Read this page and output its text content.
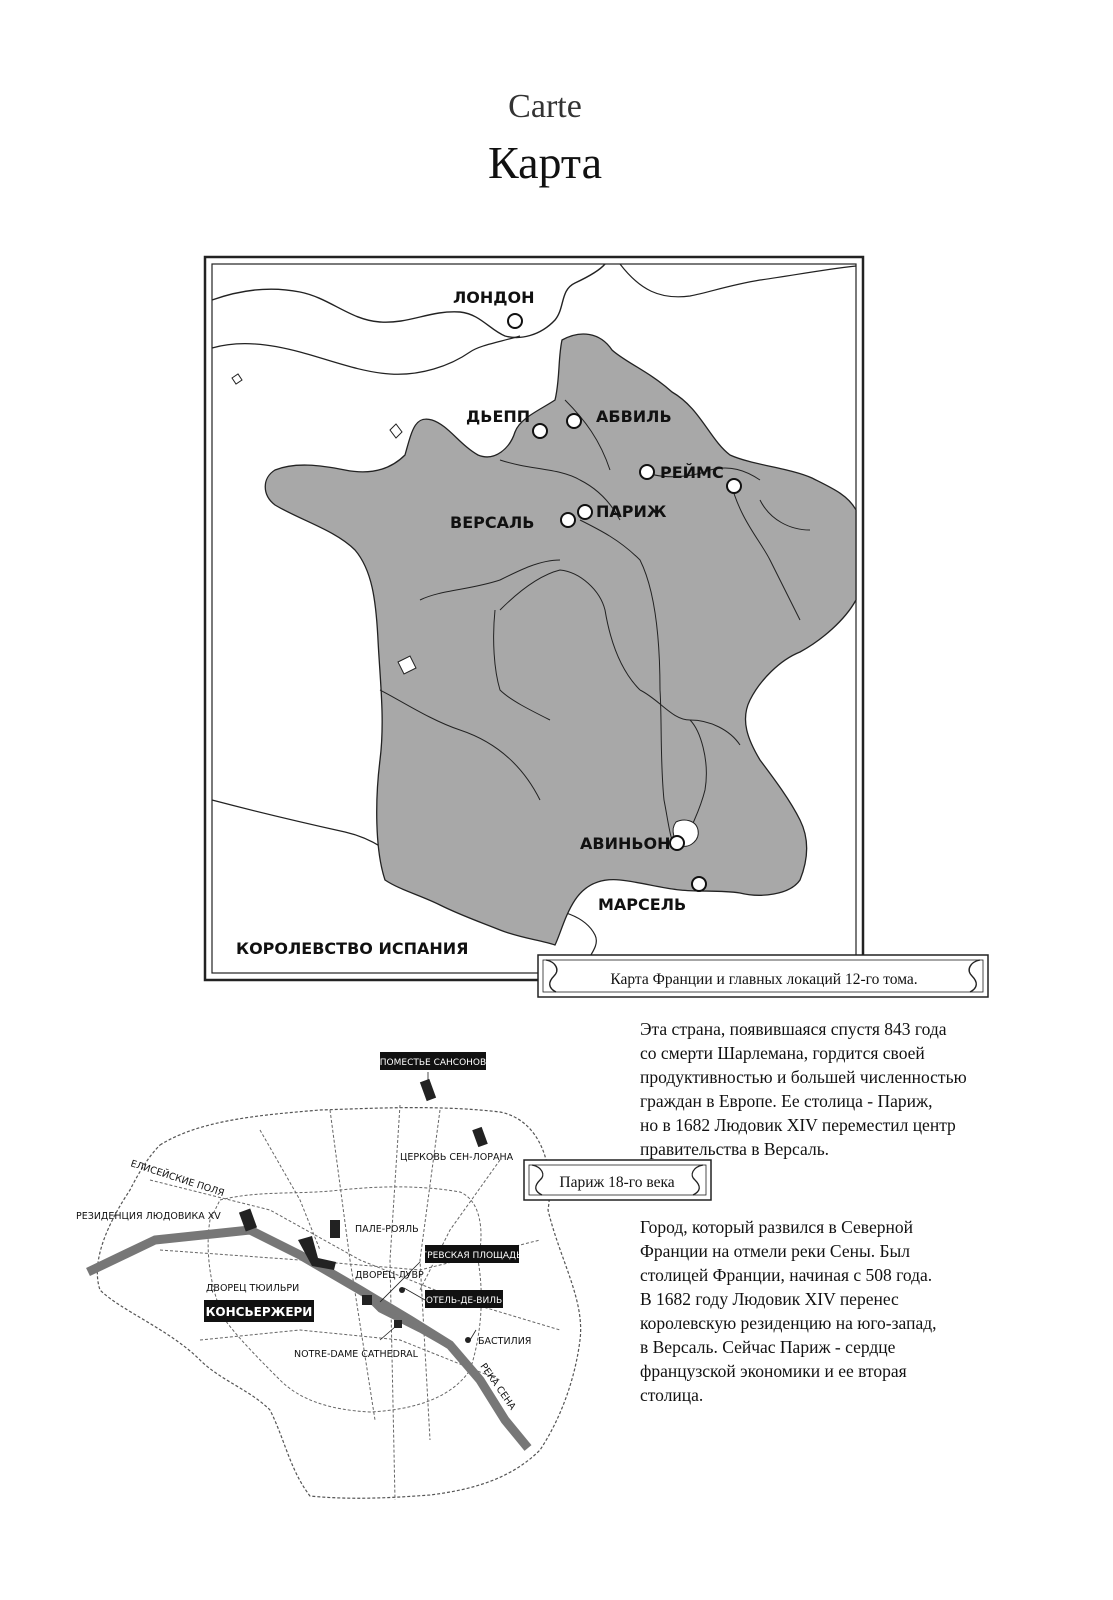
Carte
Карта
ЛОНДОН
ДЬЕПП	АБВИЛЬ
РЕЙМС
ПАРИЖ
ВЕРСАЛЬ
АВИНЬОН
МАРСЕЛЬ
КОРОЛЕВСТВО ИСПАНИЯ
Карта Франции и главных локаций 12-го тома.
ПОМЕСТЬЕ САНСОНОВ
ЦЕРКОВЬ СЕН-ЛОРАНА
ЕЛИСЕЙСКИЕ ПОЛЯ
РЕЗИДЕНЦИЯ ЛЮДОВИКА XV
ПАЛЕ-РОЯЛЬ
ГРЕВСКАЯ ПЛОЩАДЬ
ДВОРЕЦ ТЮИЛЬРИ
ДВОРЕЦ ЛУВР
ОТЕЛЬ-ДЕ-ВИЛЬ
КОНСЬЕРЖЕРИ
NOTRE-DAME CATHEDRAL
БАСТИЛИЯ
РЕКА СЕНА
Париж 18-го века

Эта страна, появившаяся спустя 843 года

со смерти Шарлемана, гордится своей

продуктивностью и большей численностью

граждан в Европе. Ее столица - Париж,

но в 1682 Людовик XIV переместил центр

правительства в Версаль.

Город, который развился в Северной

Франции на отмели реки Сены. Был

столицей Франции, начиная с 508 года.

В 1682 году Людовик XIV перенес

королевскую резиденцию на юго-запад,

в Версаль. Сейчас Париж - сердце

французской экономики и ее вторая

столица.
